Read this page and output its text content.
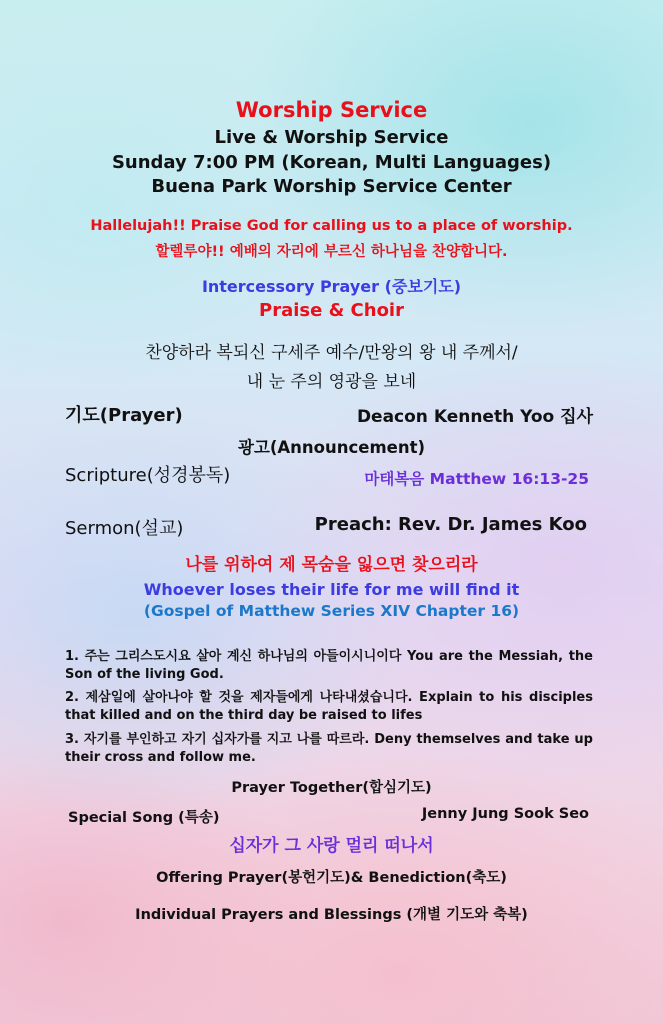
Worship Service
Live & Worship Service
Sunday 7:00 PM (Korean, Multi Languages)
Buena Park Worship Service Center
Hallelujah!! Praise God for calling us to a place of worship.
할렐루야!! 예배의 자리에 부르신 하나님을 찬양합니다.
Intercessory Prayer (중보기도)
Praise & Choir
찬양하라 복되신 구세주 예수/만왕의 왕 내 주께서/
내 눈 주의 영광을 보네
기도(Prayer)	Deacon Kenneth Yoo 집사
광고(Announcement)
Scripture(성경봉독)	마태복음 Matthew 16:13-25
Sermon(설교)	Preach: Rev. Dr. James Koo
나를 위하여 제 목숨을 잃으면 찾으리라
Whoever loses their life for me will find it
(Gospel of Matthew Series XIV Chapter 16)
1. 주는 그리스도시요 살아 계신 하나님의 아들이시니이다 You are the Messiah, the Son of the living God.
2. 제삼일에 살아나야 할 것을 제자들에게 나타내셨습니다. Explain to his disciples that killed and on the third day be raised to lifes
3. 자기를 부인하고 자기 십자가를 지고 나를 따르라. Deny themselves and take up their cross and follow me.
Prayer Together(합심기도)
Special Song (특송)	Jenny Jung Sook Seo
십자가 그 사랑 멀리 떠나서
Offering Prayer(봉헌기도)& Benediction(축도)
Individual Prayers and Blessings (개별 기도와 축복)
